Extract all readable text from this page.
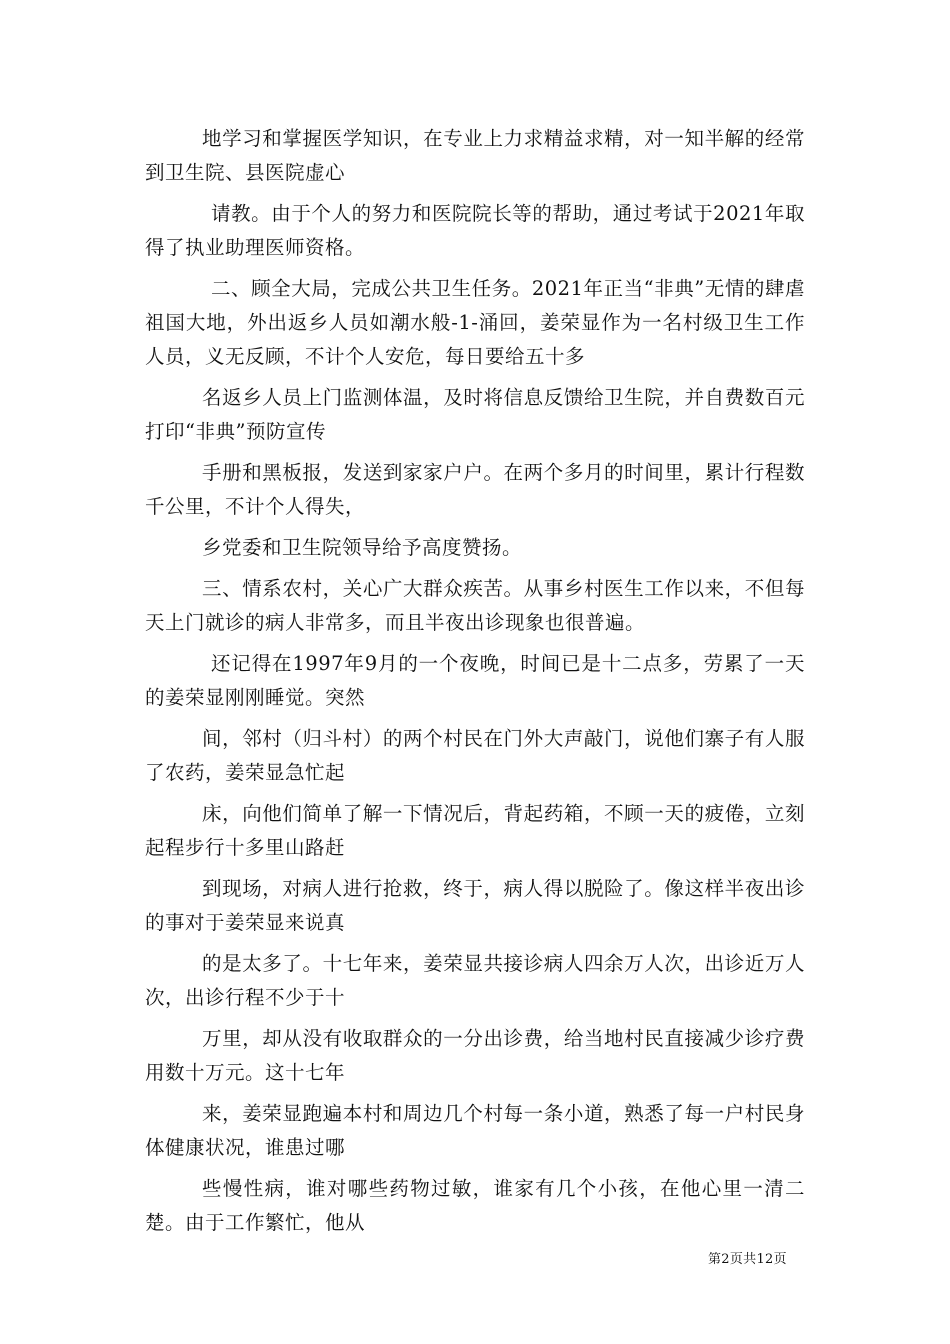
地学习和掌握医学知识，在专业上力求精益求精，对一知半解的经常到卫生院、县医院虚心

请教。由于个人的努力和医院院长等的帮助，通过考试于2021年取得了执业助理医师资格。

二、顾全大局，完成公共卫生任务。2021年正当“非典”无情的肆虐祖国大地，外出返乡人员如潮水般-1-涌回，姜荣显作为一名村级卫生工作人员，义无反顾，不计个人安危，每日要给五十多

名返乡人员上门监测体温，及时将信息反馈给卫生院，并自费数百元打印“非典”预防宣传

手册和黑板报，发送到家家户户。在两个多月的时间里，累计行程数千公里，不计个人得失，

乡党委和卫生院领导给予高度赞扬。

三、情系农村，关心广大群众疾苦。从事乡村医生工作以来，不但每天上门就诊的病人非常多，而且半夜出诊现象也很普遍。

还记得在1997年9月的一个夜晚，时间已是十二点多，劳累了一天的姜荣显刚刚睡觉。突然

间，邻村（归斗村）的两个村民在门外大声敲门，说他们寨子有人服了农药，姜荣显急忙起

床，向他们简单了解一下情况后，背起药箱，不顾一天的疲倦，立刻起程步行十多里山路赶

到现场，对病人进行抢救，终于，病人得以脱险了。像这样半夜出诊的事对于姜荣显来说真

的是太多了。十七年来，姜荣显共接诊病人四余万人次，出诊近万人次，出诊行程不少于十

万里，却从没有收取群众的一分出诊费，给当地村民直接减少诊疗费用数十万元。这十七年

来，姜荣显跑遍本村和周边几个村每一条小道，熟悉了每一户村民身体健康状况，谁患过哪

些慢性病，谁对哪些药物过敏，谁家有几个小孩，在他心里一清二楚。由于工作繁忙，他从

第2页共12页
